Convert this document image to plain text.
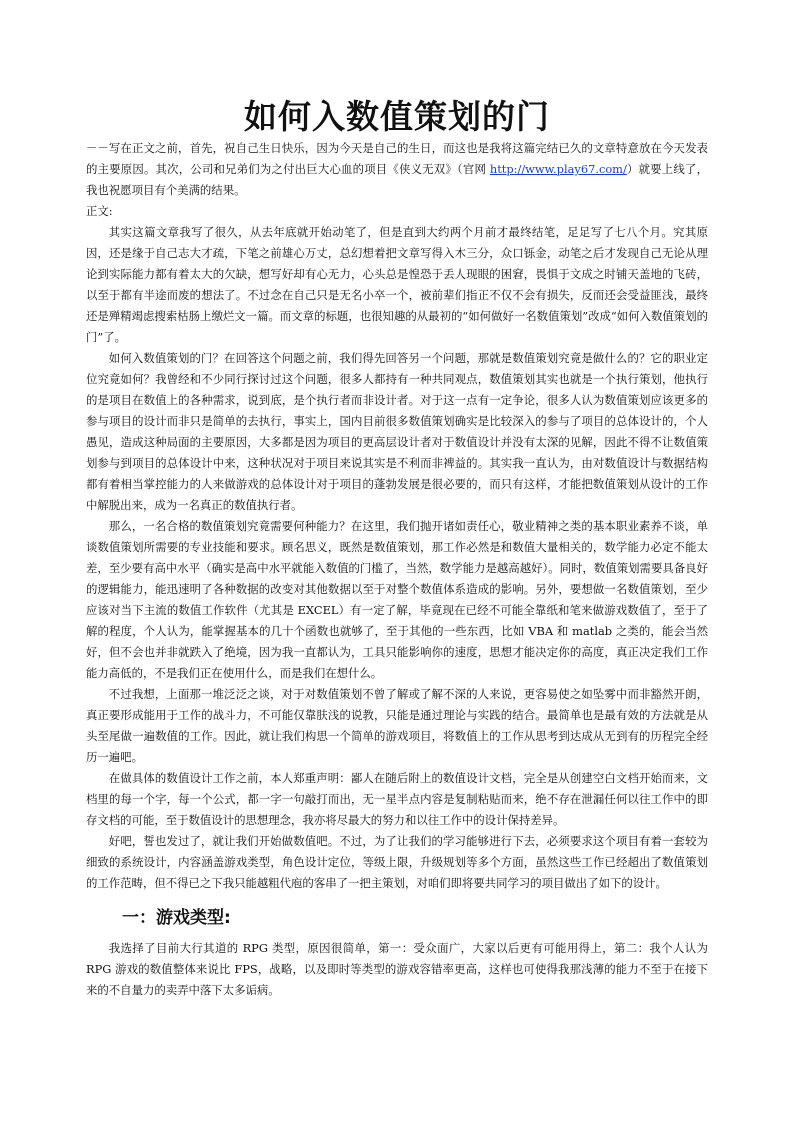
如何入数值策划的门

－－写在正文之前，首先，祝自己生日快乐，因为今天是自己的生日，而这也是我将这篇完结已久的文章特意放在今天发表的主要原因。其次，公司和兄弟们为之付出巨大心血的项目《侠义无双》（官网 http://www.play67.com/）就要上线了，我也祝愿项目有个美满的结果。

正文:

其实这篇文章我写了很久，从去年底就开始动笔了，但是直到大约两个月前才最终结笔，足足写了七八个月。究其原因，还是缘于自己志大才疏，下笔之前雄心万丈，总幻想着把文章写得入木三分，众口铄金，动笔之后才发现自己无论从理论到实际能力都有着太大的欠缺，想写好却有心无力，心头总是惶恐于丢人现眼的困窘，畏惧于文成之时铺天盖地的飞砖，以至于都有半途而废的想法了。不过念在自己只是无名小卒一个，被前辈们指正不仅不会有损失，反而还会受益匪浅，最终还是殚精竭虑搜索枯肠上缴烂文一篇。而文章的标题，也很知趣的从最初的“如何做好一名数值策划”改成“如何入数值策划的门”了。

如何入数值策划的门？在回答这个问题之前，我们得先回答另一个问题，那就是数值策划究竟是做什么的？它的职业定位究竟如何？我曾经和不少同行探讨过这个问题，很多人都持有一种共同观点，数值策划其实也就是一个执行策划，他执行的是项目在数值上的各种需求，说到底，是个执行者而非设计者。对于这一点有一定争论，很多人认为数值策划应该更多的参与项目的设计而非只是简单的去执行，事实上，国内目前很多数值策划确实是比较深入的参与了项目的总体设计的，个人愚见，造成这种局面的主要原因，大多都是因为项目的更高层设计者对于数值设计并没有太深的见解，因此不得不让数值策划参与到项目的总体设计中来，这种状况对于项目来说其实是不利而非裨益的。其实我一直认为，由对数值设计与数据结构都有着相当掌控能力的人来做游戏的总体设计对于项目的蓬勃发展是很必要的，而只有这样，才能把数值策划从设计的工作中解脱出来，成为一名真正的数值执行者。

那么，一名合格的数值策划究竟需要何种能力？在这里，我们抛开诸如责任心，敬业精神之类的基本职业素养不谈，单谈数值策划所需要的专业技能和要求。顾名思义，既然是数值策划，那工作必然是和数值大量相关的，数学能力必定不能太差，至少要有高中水平（确实是高中水平就能入数值的门槛了，当然，数学能力是越高越好）。同时，数值策划需要具备良好的逻辑能力，能迅速明了各种数据的改变对其他数据以至于对整个数值体系造成的影响。另外，要想做一名数值策划，至少应该对当下主流的数值工作软件（尤其是 EXCEL）有一定了解，毕竟现在已经不可能全靠纸和笔来做游戏数值了，至于了解的程度，个人认为，能掌握基本的几十个函数也就够了，至于其他的一些东西，比如 VBA 和 matlab 之类的，能会当然好，但不会也并非就跌入了绝境，因为我一直都认为，工具只能影响你的速度，思想才能决定你的高度，真正决定我们工作能力高低的，不是我们正在使用什么，而是我们在想什么。

不过我想，上面那一堆泛泛之谈，对于对数值策划不曾了解或了解不深的人来说，更容易使之如坠雾中而非豁然开朗，真正要形成能用于工作的战斗力，不可能仅靠肤浅的说教，只能是通过理论与实践的结合。最简单也是最有效的方法就是从头至尾做一遍数值的工作。因此，就让我们构思一个简单的游戏项目，将数值上的工作从思考到达成从无到有的历程完全经历一遍吧。

在做具体的数值设计工作之前，本人郑重声明：鄙人在随后附上的数值设计文档，完全是从创建空白文档开始而来，文档里的每一个字，每一个公式，都一字一句敲打而出，无一星半点内容是复制粘贴而来，绝不存在泄漏任何以往工作中的即存文档的可能，至于数值设计的思想理念，我亦将尽最大的努力和以往工作中的设计保持差异。

好吧，誓也发过了，就让我们开始做数值吧。不过，为了让我们的学习能够进行下去，必须要求这个项目有着一套较为细致的系统设计，内容涵盖游戏类型，角色设计定位，等级上限，升级规划等多个方面，虽然这些工作已经超出了数值策划的工作范畴，但不得已之下我只能越粗代庖的客串了一把主策划，对咱们即将要共同学习的项目做出了如下的设计。

一：游戏类型:

我选择了目前大行其道的 RPG 类型，原因很简单，第一：受众面广，大家以后更有可能用得上，第二：我个人认为 RPG 游戏的数值整体来说比 FPS，战略，以及即时等类型的游戏容错率更高，这样也可使得我那浅薄的能力不至于在接下来的不自量力的卖弄中落下太多诟病。
